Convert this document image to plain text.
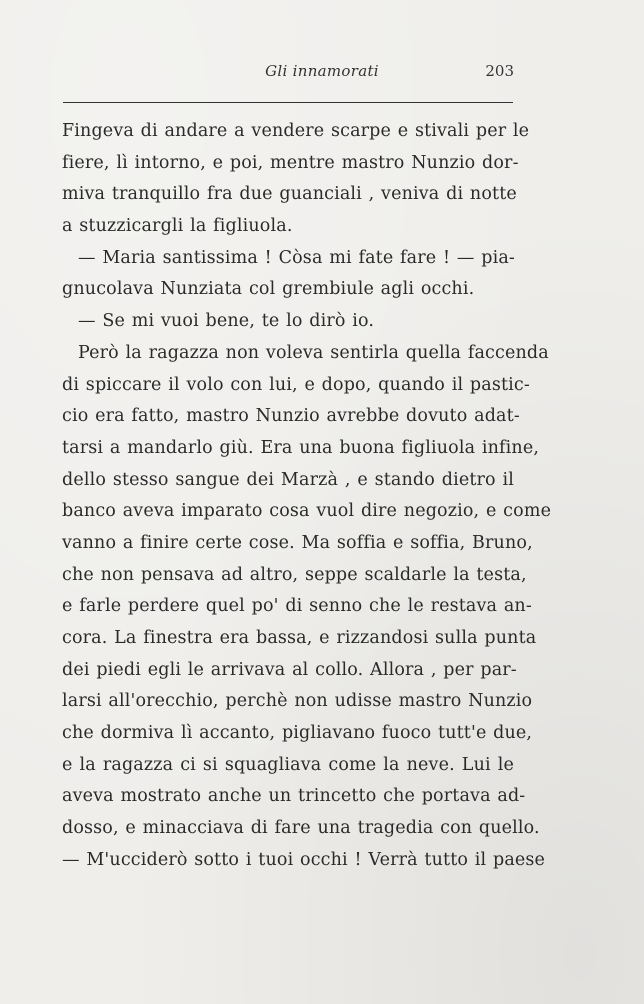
Gli innamorati	203
Fingeva di andare a vendere scarpe e stivali per le
fiere, lì intorno, e poi, mentre mastro Nunzio dor-
miva tranquillo fra due guanciali , veniva di notte
a stuzzicargli la figliuola.
— Maria santissima ! Còsa mi fate fare ! — pia-
gnucolava Nunziata col grembiule agli occhi.
— Se mi vuoi bene, te lo dirò io.
Però la ragazza non voleva sentirla quella faccenda
di spiccare il volo con lui, e dopo, quando il pastic-
cio era fatto, mastro Nunzio avrebbe dovuto adat-
tarsi a mandarlo giù. Era una buona figliuola infine,
dello stesso sangue dei Marzà , e stando dietro il
banco aveva imparato cosa vuol dire negozio, e come
vanno a finire certe cose. Ma soffia e soffia, Bruno,
che non pensava ad altro, seppe scaldarle la testa,
e farle perdere quel po' di senno che le restava an-
cora. La finestra era bassa, e rizzandosi sulla punta
dei piedi egli le arrivava al collo. Allora , per par-
larsi all'orecchio, perchè non udisse mastro Nunzio
che dormiva lì accanto, pigliavano fuoco tutt'e due,
e la ragazza ci si squagliava come la neve. Lui le
aveva mostrato anche un trincetto che portava ad-
dosso, e minacciava di fare una tragedia con quello.
— M'ucciderò sotto i tuoi occhi ! Verrà tutto il paese
